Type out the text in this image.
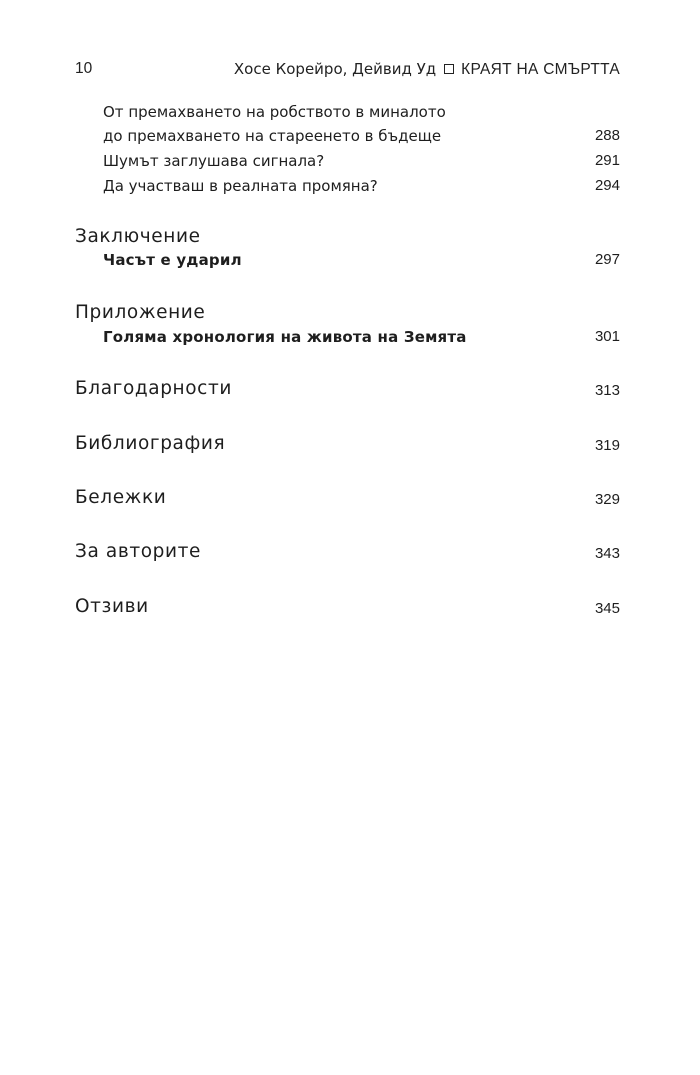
10	Хосе Корейро, Дейвид Уд КРАЯТ НА СМЪРТТА
От премахването на робството в миналото
до премахването на стареенето в бъдеще	288
Шумът заглушава сигнала?	291
Да участваш в реалната промяна?	294
Заключение
Часът е ударил	297
Приложение
Голяма хронология на живота на Земята	301
Благодарности	313
Библиография	319
Бележки	329
За авторите	343
Отзиви	345
